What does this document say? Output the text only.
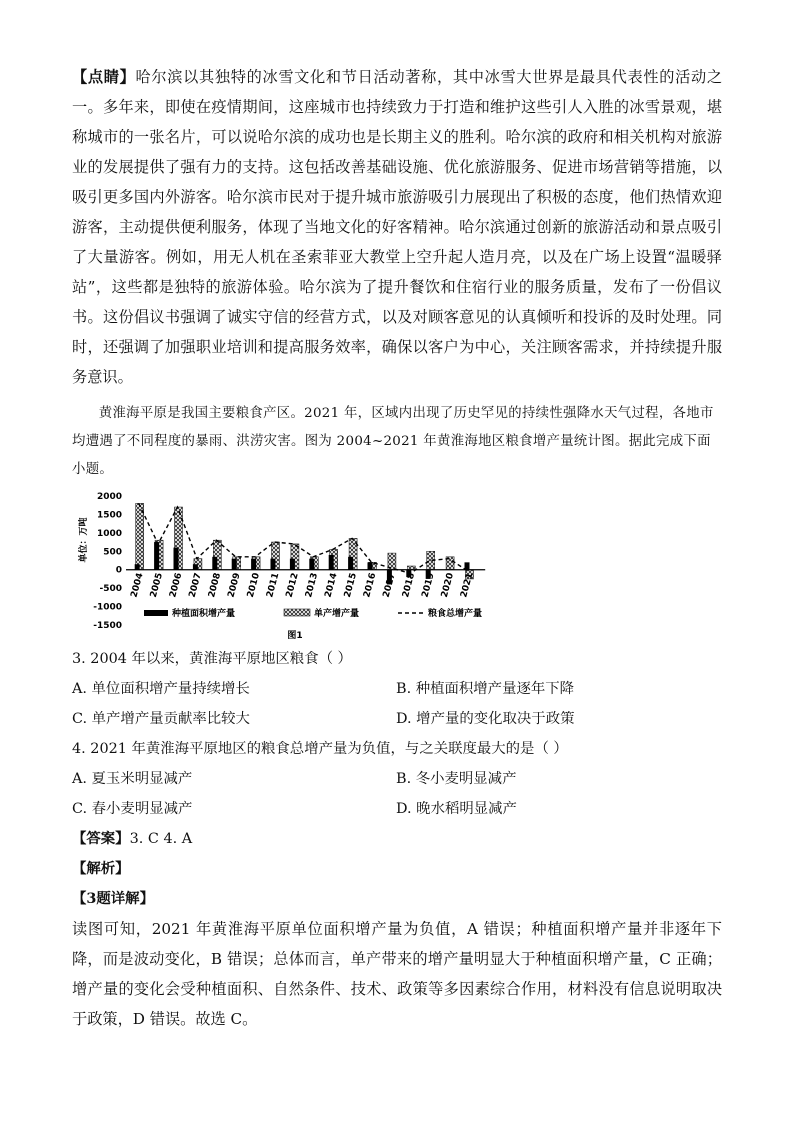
【点睛】哈尔滨以其独特的冰雪文化和节日活动著称，其中冰雪大世界是最具代表性的活动之一。多年来，即使在疫情期间，这座城市也持续致力于打造和维护这些引人入胜的冰雪景观，堪称城市的一张名片，可以说哈尔滨的成功也是长期主义的胜利。哈尔滨的政府和相关机构对旅游业的发展提供了强有力的支持。这包括改善基础设施、优化旅游服务、促进市场营销等措施，以吸引更多国内外游客。哈尔滨市民对于提升城市旅游吸引力展现出了积极的态度，他们热情欢迎游客，主动提供便利服务，体现了当地文化的好客精神。哈尔滨通过创新的旅游活动和景点吸引了大量游客。例如，用无人机在圣索菲亚大教堂上空升起人造月亮，以及在广场上设置“温暖驿站”，这些都是独特的旅游体验。哈尔滨为了提升餐饮和住宿行业的服务质量，发布了一份倡议书。这份倡议书强调了诚实守信的经营方式，以及对顾客意见的认真倾听和投诉的及时处理。同时，还强调了加强职业培训和提高服务效率，确保以客户为中心，关注顾客需求，并持续提升服务意识。

黄淮海平原是我国主要粮食产区。2021 年，区域内出现了历史罕见的持续性强降水天气过程，各地市均遭遇了不同程度的暴雨、洪涝灾害。图为 2004~2021 年黄淮海地区粮食增产量统计图。据此完成下面小题。

单位：万吨
2000
1500
1000
500
0
-500
-1000
-1500
2004 2005 2006 2007 2008 2009 2010 2011 2012 2013 2014 2015 2016 2017 2018 2019 2020 2021
种植面积增产量	单产增产量	粮食总增产量
图1

3. 2004 年以来，黄淮海平原地区粮食（ ）

A. 单位面积增产量持续增长	B. 种植面积增产量逐年下降
C. 单产增产量贡献率比较大	D. 增产量的变化取决于政策

4. 2021 年黄淮海平原地区的粮食总增产量为负值，与之关联度最大的是（ ）

A. 夏玉米明显减产	B. 冬小麦明显减产
C. 春小麦明显减产	D. 晚水稻明显减产

【答案】3. C 4. A

【解析】

【3题详解】

读图可知，2021 年黄淮海平原单位面积增产量为负值，A 错误；种植面积增产量并非逐年下降，而是波动变化，B 错误；总体而言，单产带来的增产量明显大于种植面积增产量，C 正确；增产量的变化会受种植面积、自然条件、技术、政策等多因素综合作用，材料没有信息说明取决于政策，D 错误。故选 C。
